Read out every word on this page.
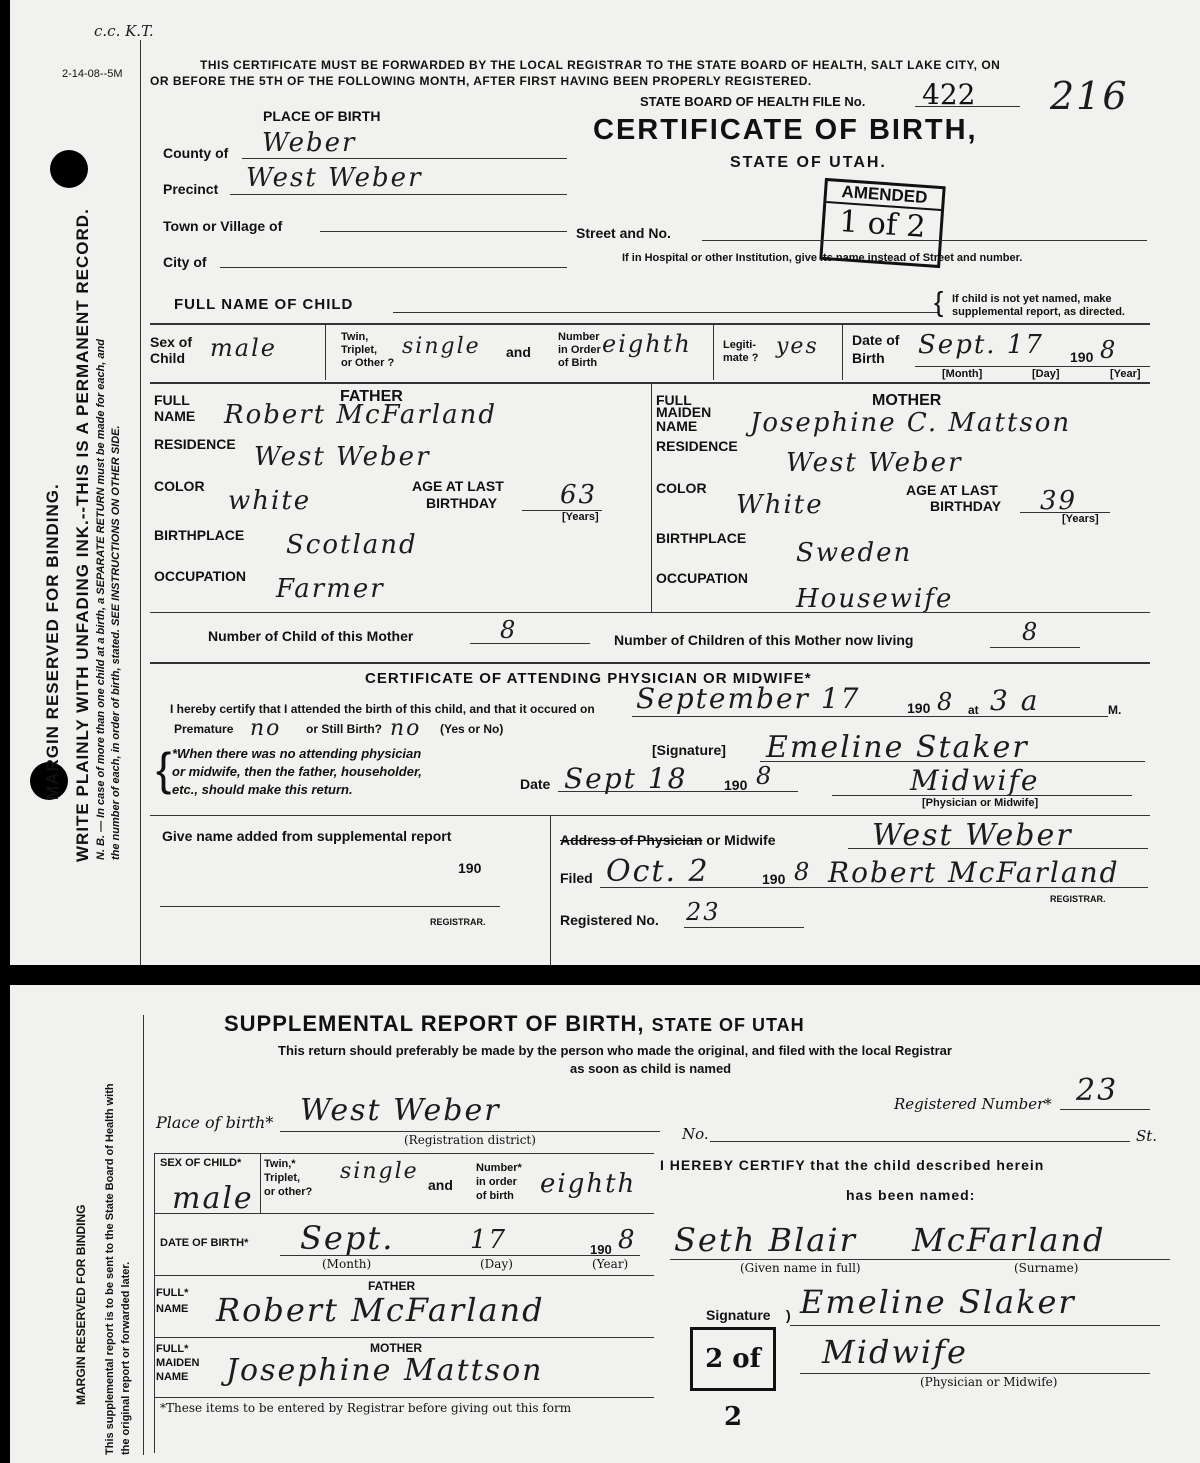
c.c. K.T.
2-14-08--5M
MARGIN RESERVED FOR BINDING. WRITE PLAINLY WITH UNFADING INK.--THIS IS A PERMANENT RECORD. N. B. — In case of more than one child at a birth, a SEPARATE RETURN must be made for each, and the number of each, in order of birth, stated. SEE INSTRUCTIONS ON OTHER SIDE.
THIS CERTIFICATE MUST BE FORWARDED BY THE LOCAL REGISTRAR TO THE STATE BOARD OF HEALTH, SALT LAKE CITY, ON
OR BEFORE THE 5TH OF THE FOLLOWING MONTH, AFTER FIRST HAVING BEEN PROPERLY REGISTERED.
STATE BOARD OF HEALTH FILE No. 422 216
CERTIFICATE OF BIRTH,
STATE OF UTAH.
AMENDED
1 of 2
PLACE OF BIRTH
County of Weber
Precinct West Weber
Town or Village of
City of
Street and No.
If in Hospital or other Institution, give its name instead of Street and number.
FULL NAME OF CHILD	{ If child is not yet named, make
supplemental report, as directed.
Sex of
Child male	Twin,
Triplet,
or Other ?
single and
Number
in Order
of Birth
eighth	Legiti-
mate ? yes Date of
Birth Sept. 17 190 8
[Month]	[Day]	[Year]
FATHER	MOTHER
FULL
NAME Robert McFarland	FULL
MAIDEN
NAME Josephine C. Mattson
RESIDENCE West Weber	RESIDENCE
West Weber
COLOR white	AGE AT LAST
BIRTHDAY 63
[Years]
COLOR
White	AGE AT LAST
BIRTHDAY 39
[Years]
BIRTHPLACE Scotland	BIRTHPLACE Sweden
OCCUPATION Farmer	OCCUPATION
Housewife
Number of Child of this Mother	8	Number of Children of this Mother now living	8
CERTIFICATE OF ATTENDING PHYSICIAN OR MIDWIFE*
I hereby certify that I attended the birth of this child, and that it occured on September 17	190 8 at 3 a	M.
Premature no or Still Birth? no (Yes or No)
{ *When there was no attending physician
or midwife, then the father, householder,
etc., should make this return.
[Signature] Emeline Staker
Date Sept 18	190 8	Midwife
[Physician or Midwife]
Give name added from supplemental report
190
REGISTRAR.
Address of Physician or Midwife	West Weber
Filed Oct. 2	190 8 Robert McFarland
REGISTRAR.
Registered No. 23
MARGIN RESERVED FOR BINDING This supplemental report is to be sent to the State Board of Health with the original report or forwarded later.
SUPPLEMENTAL REPORT OF BIRTH, STATE OF UTAH
This return should preferably be made by the person who made the original, and filed with the local Registrar
as soon as child is named
Place of birth* West Weber
(Registration district)	No.	St.
Registered Number* 23
SEX OF CHILD*
male
Twin,*
Triplet,
or other?
single
and
Number*
in order
of birth eighth
DATE OF BIRTH* Sept.	17	190 8
(Month)	(Day)	(Year)
FATHER
FULL*
NAME Robert McFarland
MOTHER
FULL*
MAIDEN
NAME Josephine Mattson
*These items to be entered by Registrar before giving out this form
I HEREBY CERTIFY that the child described herein
has been named:
Seth Blair McFarland
(Given name in full)	(Surname)
Signature ) Emeline Slaker
Midwife
(Physician or Midwife)
2 of 2
